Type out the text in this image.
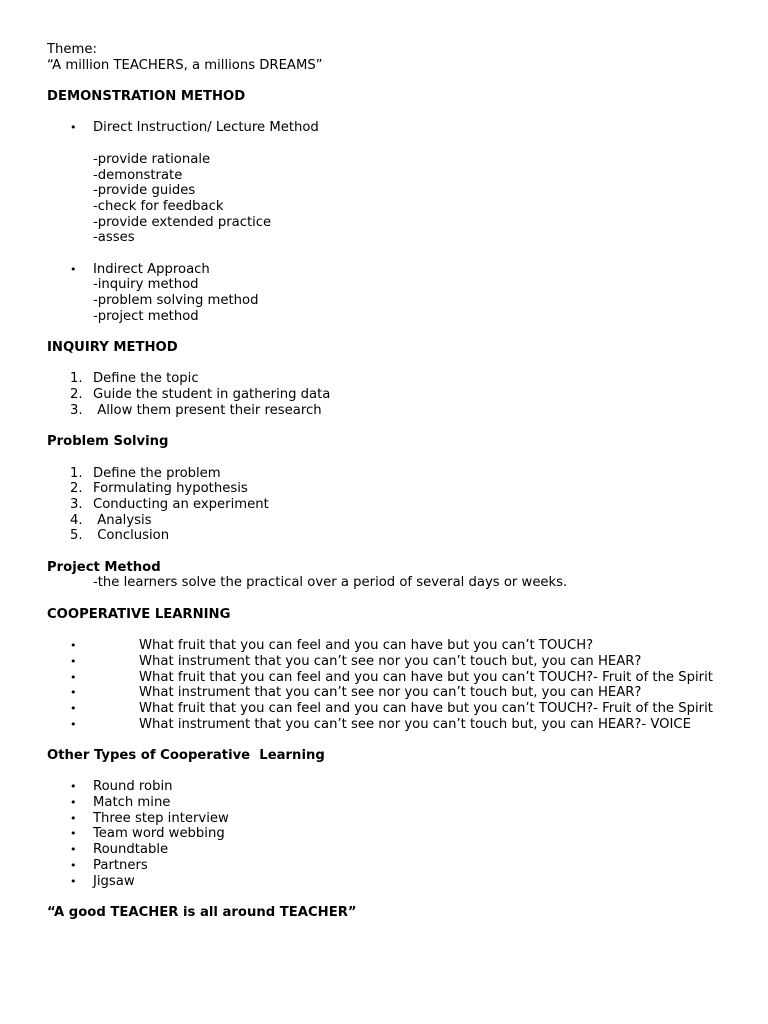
Theme:
“A million TEACHERS, a millions DREAMS”
DEMONSTRATION METHOD

•

Direct Instruction/ Lecture Method

-provide rationale
-demonstrate
-provide guides
-check for feedback
-provide extended practice
-asses

•

Indirect Approach

-inquiry method
-problem solving method
-project method
INQUIRY METHOD

1.

Define the topic

2.

Guide the student in gathering data

3.

Allow them present their research

Problem Solving

1.

Define the problem

2.

Formulating hypothesis

3.

Conducting an experiment

4.

Analysis

5.

Conclusion

Project Method
-the learners solve the practical over a period of several days or weeks.
COOPERATIVE LEARNING
•	What fruit that you can feel and you can have but you can’t TOUCH?
•	What instrument that you can’t see nor you can’t touch but, you can HEAR?
•	What fruit that you can feel and you can have but you can’t TOUCH?- Fruit of the Spirit
•	What instrument that you can’t see nor you can’t touch but, you can HEAR?
•	What fruit that you can feel and you can have but you can’t TOUCH?- Fruit of the Spirit
•	What instrument that you can’t see nor you can’t touch but, you can HEAR?- VOICE
Other Types of Cooperative  Learning

•

Round robin

•

Match mine

•

Three step interview

•

Team word webbing

•

Roundtable

•

Partners

•

Jigsaw

“A good TEACHER is all around TEACHER”
